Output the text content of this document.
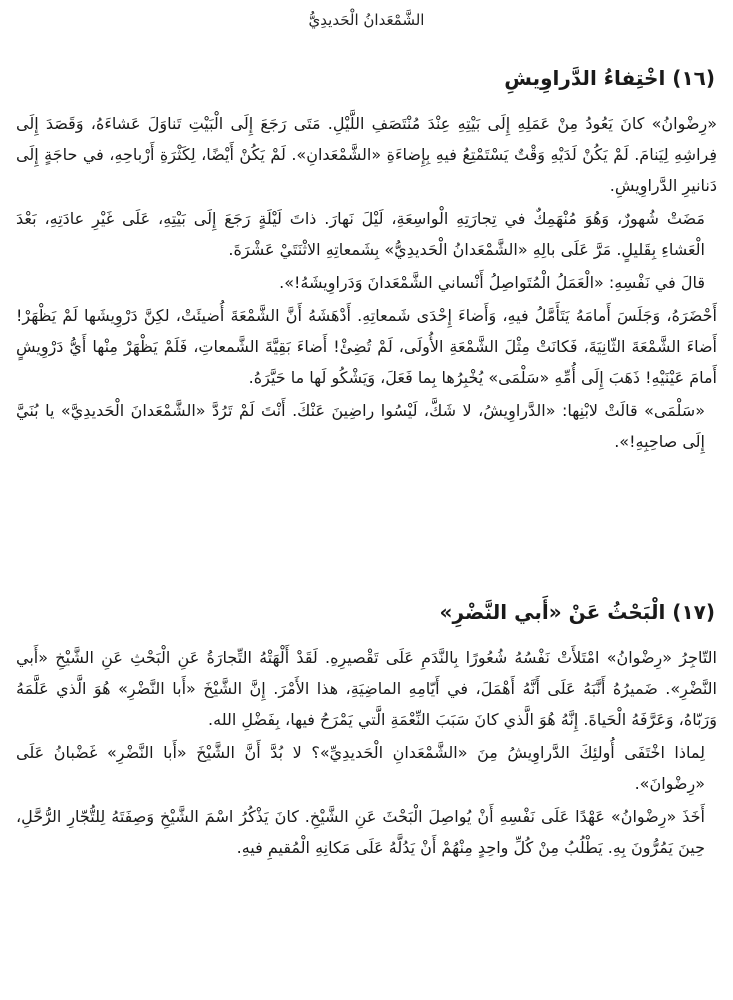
الشَّمْعَدانُ الْحَديدِيُّ
(١٦) اخْتِفاءُ الدَّراوِيشِ

«رِضْوانُ» كانَ يَعُودُ مِنْ عَمَلِهِ إِلَى بَيْتِهِ عِنْدَ مُنْتَصَفِ اللَّيْلِ. مَتَى رَجَعَ إِلَى الْبَيْتِ تَناوَلَ عَشاءَهُ، وَقَصَدَ إِلَى فِراشِهِ لِيَنامَ. لَمْ يَكُنْ لَدَيْهِ وَقْتٌ يَسْتَمْتِعُ فيهِ بِإِضاءَةِ «الشَّمْعَدانِ». لَمْ يَكُنْ أَيْضًا، لِكَثْرَةِ أَرْباحِهِ، في حاجَةٍ إِلَى دَنانيرِ الدَّراوِيشِ.

مَضَتْ شُهورٌ، وَهُوَ مُنْهَمِكٌ في تِجارَتِهِ الْواسِعَةِ، لَيْلَ نَهارَ. ذاتَ لَيْلَةٍ رَجَعَ إِلَى بَيْتِهِ، عَلَى غَيْرِ عادَتِهِ، بَعْدَ الْعَشاءِ بِقَليلٍ. مَرَّ عَلَى بالِهِ «الشَّمْعَدانُ الْحَديدِيُّ» بِشَمعاتِهِ الاثْنَتَيْ عَشْرَةَ.

قالَ في نَفْسِهِ: «الْعَمَلُ الْمُتَواصِلُ أَنْساني الشَّمْعَدانَ وَدَراوِيشَهُ!».

أَحْضَرَهُ، وَجَلَسَ أَمامَهُ يَتَأَمَّلُ فيهِ، وَأَضاءَ إِحْدَى شَمعاتِهِ. أَدْهَشَهُ أَنَّ الشَّمْعَةَ أُضيئَتْ، لكِنَّ دَرْوِيشَها لَمْ يَظْهَرْ! أَضاءَ الشَّمْعَةَ الثّانِيَةَ، فَكانَتْ مِثْلَ الشَّمْعَةِ الأُولَى، لَمْ تُضِئْ! أَضاءَ بَقِيَّةَ الشَّمعاتِ، فَلَمْ يَظْهَرْ مِنْها أَيُّ دَرْوِيشٍ أَمامَ عَيْنَيْهِ! ذَهَبَ إِلَى أُمِّهِ «سَلْمَى» يُخْبِرُها بِما فَعَلَ، وَيَشْكُو لَها ما حَيَّرَهُ.

«سَلْمَى» قالَتْ لابْنِها: «الدَّراوِيشُ، لا شَكَّ، لَيْسُوا راضِينَ عَنْكَ. أَنْتَ لَمْ تَرُدَّ «الشَّمْعَدانَ الْحَديدِيَّ» يا بُنَيَّ إِلَى صاحِبِهِ!».

(١٧) الْبَحْثُ عَنْ «أَبي النَّضْرِ»

التّاجِرُ «رِضْوانُ» امْتَلأَتْ نَفْسُهُ شُعُورًا بِالنَّدَمِ عَلَى تَقْصيرِهِ. لَقَدْ أَلْهَتْهُ التِّجارَةُ عَنِ الْبَحْثِ عَنِ الشَّيْخِ «أَبي النَّضْرِ». ضَميرُهُ أَنَّبَهُ عَلَى أَنَّهُ أَهْمَلَ، في أَيّامِهِ الماضِيَةِ، هذا الأَمْرَ. إِنَّ الشَّيْخَ «أَبا النَّضْرِ» هُوَ الَّذي عَلَّمَهُ وَرَبّاهُ، وَعَرَّفَهُ الْحَياةَ. إِنَّهُ هُوَ الَّذي كانَ سَبَبَ النِّعْمَةِ الَّتي يَمْرَحُ فيها، بِفَضْلِ الله.

لِماذا اخْتَفَى أُولئِكَ الدَّراوِيشُ مِنَ «الشَّمْعَدانِ الْحَديدِيِّ»؟ لا بُدَّ أَنَّ الشَّيْخَ «أَبا النَّضْرِ» غَضْبانُ عَلَى «رِضْوانَ».

أَخَذَ «رِضْوانُ» عَهْدًا عَلَى نَفْسِهِ أَنْ يُواصِلَ الْبَحْثَ عَنِ الشَّيْخِ. كانَ يَذْكُرُ اسْمَ الشَّيْخِ وَصِفَتَهُ لِلتُّجّارِ الرُّحَّلِ، حِينَ يَمُرُّونَ بِهِ. يَطْلُبُ مِنْ كُلِّ واحِدٍ مِنْهُمْ أَنْ يَدُلَّهُ عَلَى مَكانِهِ الْمُقيمِ فيهِ.
